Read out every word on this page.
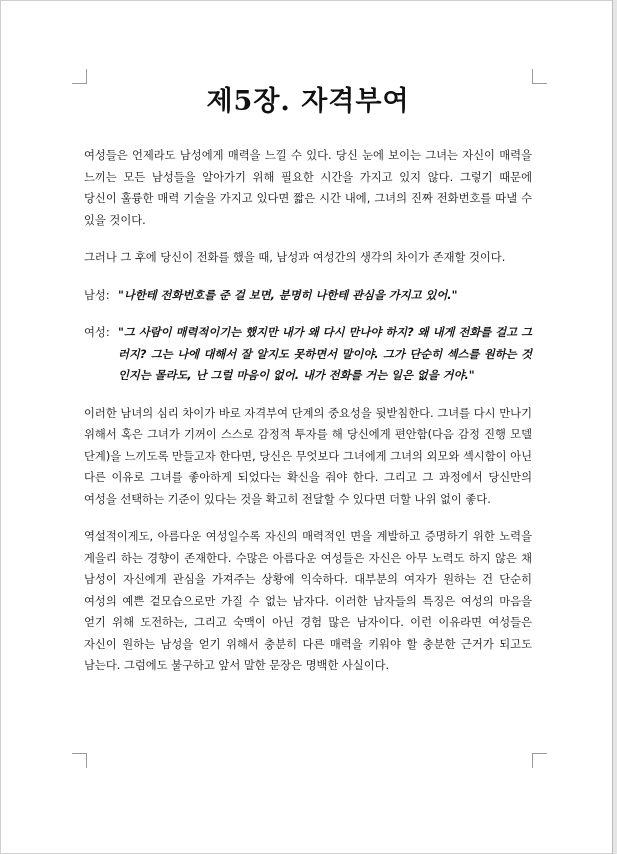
제5장. 자격부여

여성들은 언제라도 남성에게 매력을 느낄 수 있다. 당신 눈에 보이는 그녀는 자신이 매력을 느끼는 모든 남성들을 알아가기 위해 필요한 시간을 가지고 있지 않다. 그렇기 때문에 당신이 훌륭한 매력 기술을 가지고 있다면 짧은 시간 내에, 그녀의 진짜 전화번호를 따낼 수 있을 것이다.

그러나 그 후에 당신이 전화를 했을 때, 남성과 여성간의 생각의 차이가 존재할 것이다.

남성: "나한테 전화번호를 준 걸 보면, 분명히 나한테 관심을 가지고 있어."
여성: "그 사람이 매력적이기는 했지만 내가 왜 다시 만나야 하지? 왜 내게 전화를 걸고 그러지? 그는 나에 대해서 잘 알지도 못하면서 말이야. 그가 단순히 섹스를 원하는 것인지는 몰라도, 난 그럴 마음이 없어. 내가 전화를 거는 일은 없을 거야."

이러한 남녀의 심리 차이가 바로 자격부여 단계의 중요성을 뒷받침한다. 그녀를 다시 만나기 위해서 혹은 그녀가 기꺼이 스스로 감정적 투자를 해 당신에게 편안함(다음 감정 진행 모델 단계)을 느끼도록 만들고자 한다면, 당신은 무엇보다 그녀에게 그녀의 외모와 섹시함이 아닌 다른 이유로 그녀를 좋아하게 되었다는 확신을 줘야 한다. 그리고 그 과정에서 당신만의 여성을 선택하는 기준이 있다는 것을 확고히 전달할 수 있다면 더할 나위 없이 좋다.

역설적이게도, 아름다운 여성일수록 자신의 매력적인 면을 계발하고 증명하기 위한 노력을 게을리 하는 경향이 존재한다. 수많은 아름다운 여성들은 자신은 아무 노력도 하지 않은 채 남성이 자신에게 관심을 가져주는 상황에 익숙하다. 대부분의 여자가 원하는 건 단순히 여성의 예쁜 겉모습으로만 가질 수 없는 남자다. 이러한 남자들의 특징은 여성의 마음을 얻기 위해 도전하는, 그리고 숙맥이 아닌 경험 많은 남자이다. 이런 이유라면 여성들은 자신이 원하는 남성을 얻기 위해서 충분히 다른 매력을 키워야 할 충분한 근거가 되고도 남는다. 그럼에도 불구하고 앞서 말한 문장은 명백한 사실이다.
